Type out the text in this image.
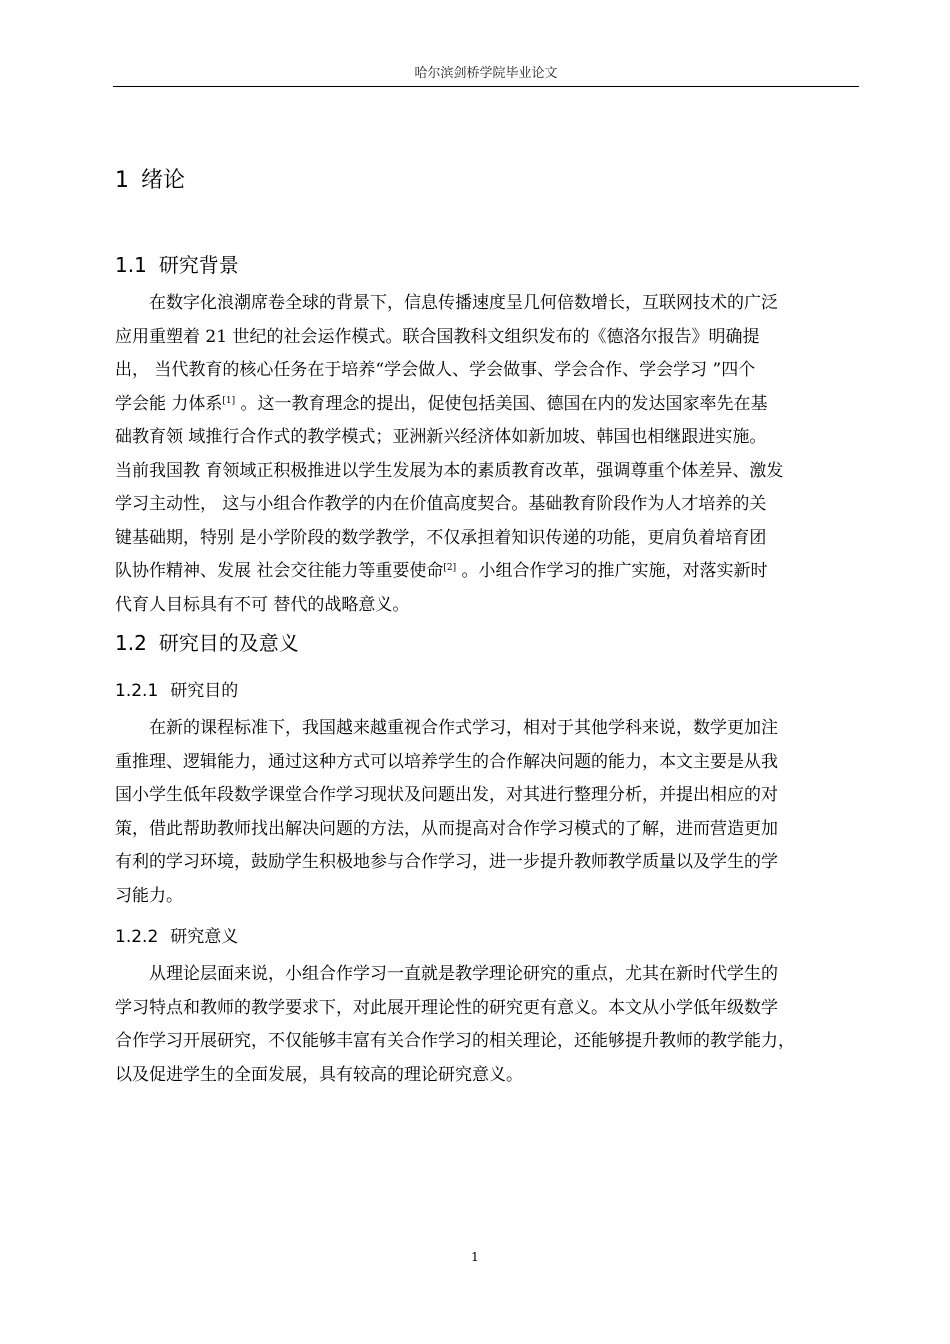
哈尔滨剑桥学院毕业论文
1 绪论
1.1 研究背景

　　在数字化浪潮席卷全球的背景下，信息传播速度呈几何倍数增长，互联网技术的广泛
应用重塑着 21 世纪的社会运作模式。联合国教科文组织发布的《德洛尔报告》明确提
出， 当代教育的核心任务在于培养“学会做人、学会做事、学会合作、学会学习 ”四个
学会能 力体系[1] 。这一教育理念的提出，促使包括美国、德国在内的发达国家率先在基
础教育领 域推行合作式的教学模式；亚洲新兴经济体如新加坡、韩国也相继跟进实施。
当前我国教 育领域正积极推进以学生发展为本的素质教育改革，强调尊重个体差异、激发
学习主动性， 这与小组合作教学的内在价值高度契合。基础教育阶段作为人才培养的关
键基础期，特别 是小学阶段的数学教学，不仅承担着知识传递的功能，更肩负着培育团
队协作精神、发展 社会交往能力等重要使命[2] 。小组合作学习的推广实施，对落实新时
代育人目标具有不可 替代的战略意义。

1.2 研究目的及意义
1.2.1 研究目的

　　在新的课程标准下，我国越来越重视合作式学习，相对于其他学科来说，数学更加注
重推理、逻辑能力，通过这种方式可以培养学生的合作解决问题的能力，本文主要是从我
国小学生低年段数学课堂合作学习现状及问题出发，对其进行整理分析，并提出相应的对
策，借此帮助教师找出解决问题的方法，从而提高对合作学习模式的了解，进而营造更加
有利的学习环境，鼓励学生积极地参与合作学习，进一步提升教师教学质量以及学生的学
习能力。

1.2.2 研究意义

　　从理论层面来说，小组合作学习一直就是教学理论研究的重点，尤其在新时代学生的
学习特点和教师的教学要求下，对此展开理论性的研究更有意义。本文从小学低年级数学
合作学习开展研究，不仅能够丰富有关合作学习的相关理论，还能够提升教师的教学能力，
以及促进学生的全面发展，具有较高的理论研究意义。

1
